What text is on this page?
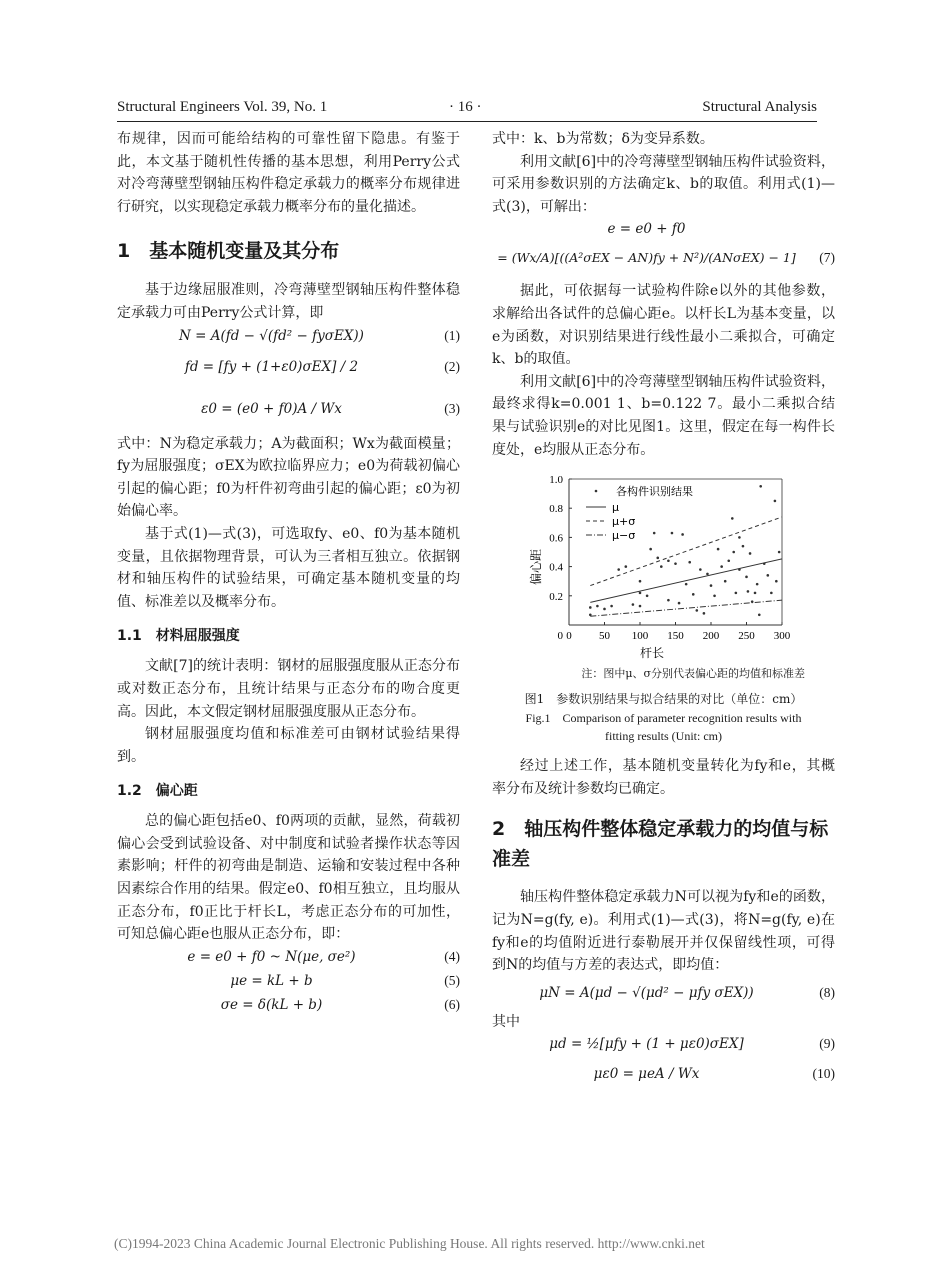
Structural Engineers Vol. 39, No. 1	· 16 ·	Structural Analysis

布规律，因而可能给结构的可靠性留下隐患。有鉴于此，本文基于随机性传播的基本思想，利用Perry公式对冷弯薄壁型钢轴压构件稳定承载力的概率分布规律进行研究，以实现稳定承载力概率分布的量化描述。

1　基本随机变量及其分布

基于边缘屈服准则，冷弯薄壁型钢轴压构件整体稳定承载力可由Perry公式计算，即

N = A(fd − √(fd² − fyσEX))	(1)
fd = [fy + (1+ε0)σEX] / 2	(2)
ε0 = (e0 + f0)A / Wx	(3)

式中：N为稳定承载力；A为截面积；Wx为截面模量；fy为屈服强度；σEX为欧拉临界应力；e0为荷载初偏心引起的偏心距；f0为杆件初弯曲引起的偏心距；ε0为初始偏心率。

基于式(1)—式(3)，可选取fy、e0、f0为基本随机变量，且依据物理背景，可认为三者相互独立。依据钢材和轴压构件的试验结果，可确定基本随机变量的均值、标准差以及概率分布。

1.1　材料屈服强度

文献[7]的统计表明：钢材的屈服强度服从正态分布或对数正态分布，且统计结果与正态分布的吻合度更高。因此，本文假定钢材屈服强度服从正态分布。

钢材屈服强度均值和标准差可由钢材试验结果得到。

1.2　偏心距

总的偏心距包括e0、f0两项的贡献，显然，荷载初偏心会受到试验设备、对中制度和试验者操作状态等因素影响；杆件的初弯曲是制造、运输和安装过程中各种因素综合作用的结果。假定e0、f0相互独立，且均服从正态分布，f0正比于杆长L，考虑正态分布的可加性，可知总偏心距e也服从正态分布，即：

e = e0 + f0 ~ N(μe, σe²)	(4)
μe = kL + b	(5)
σe = δ(kL + b)	(6)

式中：k、b为常数；δ为变异系数。

利用文献[6]中的冷弯薄壁型钢轴压构件试验资料，可采用参数识别的方法确定k、b的取值。利用式(1)—式(3)，可解出：

e = e0 + f0
= (Wx/A)[((A²σEX − AN)fy + N²)/(ANσEX) − 1]	(7)

据此，可依据每一试验构件除e以外的其他参数，求解给出各试件的总偏心距e。以杆长L为基本变量，以e为函数，对识别结果进行线性最小二乘拟合，可确定k、b的取值。

利用文献[6]中的冷弯薄壁型钢轴压构件试验资料，最终求得k=0.001 1、b=0.122 7。最小二乘拟合结果与试验识别e的对比见图1。这里，假定在每一构件长度处，e均服从正态分布。

0 50 100 150 200 250 300
0.2
0.4
0.6
0.8
1.0
0
偏心距
杆长
各构件识别结果
μ
μ+σ
μ−σ
注：图中μ、σ分别代表偏心距的均值和标准差
图1　参数识别结果与拟合结果的对比（单位：cm）
Fig.1　Comparison of parameter recognition results with
fitting results (Unit: cm)

经过上述工作，基本随机变量转化为fy和e，其概率分布及统计参数均已确定。

2　轴压构件整体稳定承载力的均值与标准差

轴压构件整体稳定承载力N可以视为fy和e的函数，记为N=g(fy, e)。利用式(1)—式(3)，将N=g(fy, e)在fy和e的均值附近进行泰勒展开并仅保留线性项，可得到N的均值与方差的表达式，即均值：

μN = A(μd − √(μd² − μfy σEX))	(8)

其中

μd = ½[μfy + (1 + με0)σEX]	(9)
με0 = μeA / Wx	(10)
(C)1994-2023 China Academic Journal Electronic Publishing House. All rights reserved. http://www.cnki.net
